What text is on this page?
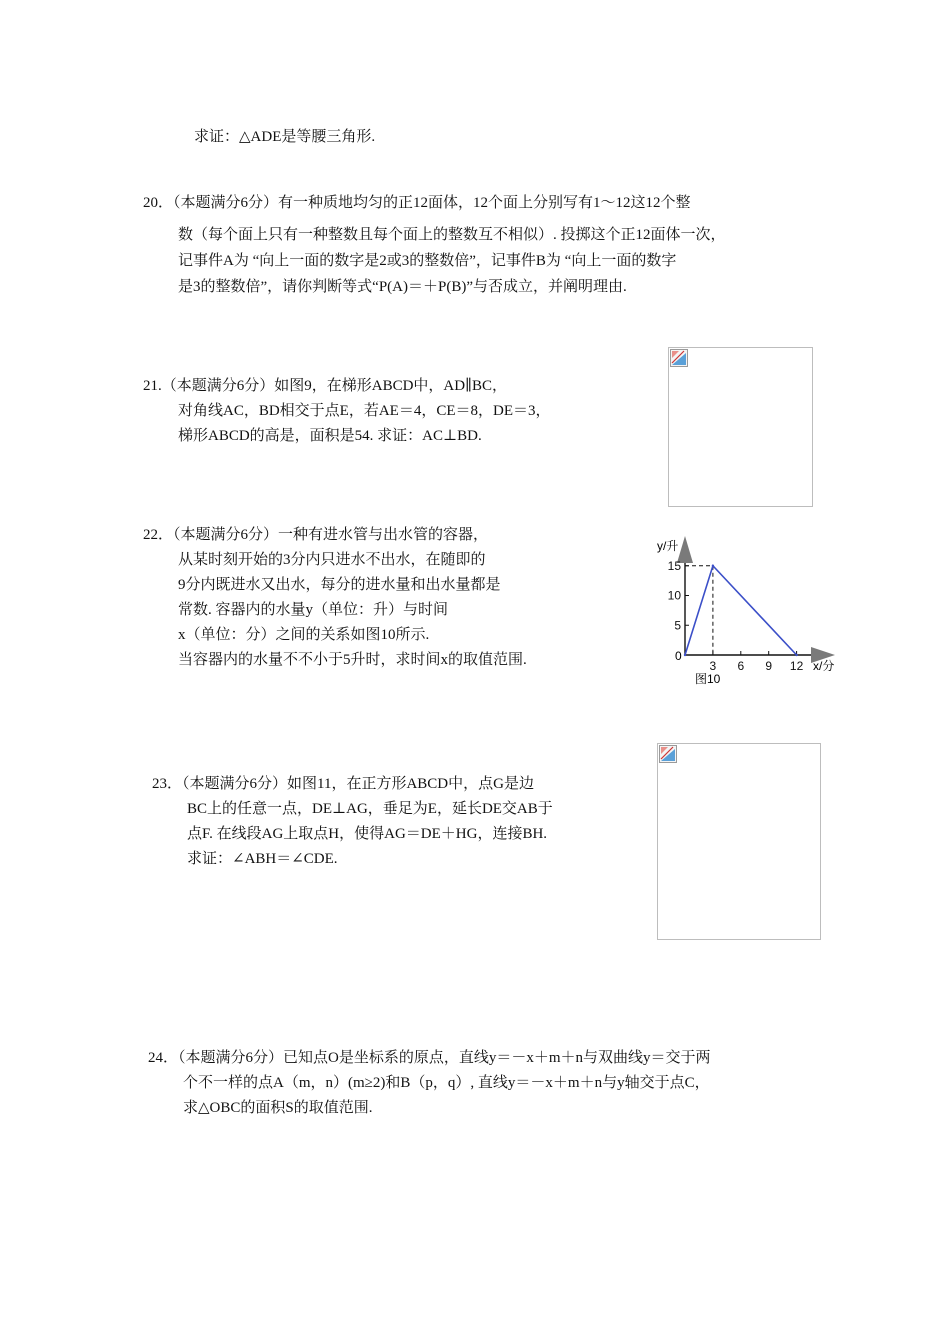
求证：△ADE是等腰三角形.
20．（本题满分6分）有一种质地均匀的正12面体，12个面上分别写有1〜12这12个整
数（每个面上只有一种整数且每个面上的整数互不相似）. 投掷这个正12面体一次，
记事件A为 “向上一面的数字是2或3的整数倍”，记事件B为 “向上一面的数字
是3的整数倍”，请你判断等式“P(A)＝＋P(B)”与否成立，并阐明理由.
21.（本题满分6分）如图9，在梯形ABCD中，AD∥BC，
对角线AC，BD相交于点E，若AE＝4，CE＝8，DE＝3，
梯形ABCD的高是，面积是54. 求证：AC⊥BD.
22．（本题满分6分）一种有进水管与出水管的容器，
从某时刻开始的3分内只进水不出水，在随即的
9分内既进水又出水，每分的进水量和出水量都是
常数. 容器内的水量y（单位：升）与时间
x（单位：分）之间的关系如图10所示.
当容器内的水量不不小于5升时，求时间x的取值范围.
y/升
x/分
0
图10
3 6 9 12
5
10
15
23．（本题满分6分）如图11，在正方形ABCD中，点G是边
BC上的任意一点，DE⊥AG，垂足为E，延长DE交AB于
点F. 在线段AG上取点H，使得AG＝DE＋HG，连接BH.
求证：∠ABH＝∠CDE.
24．（本题满分6分）已知点O是坐标系的原点，直线y＝－x＋m＋n与双曲线y＝交于两
个不一样的点A（m，n）(m≥2)和B（p，q）, 直线y＝－x＋m＋n与y轴交于点C，
求△OBC的面积S的取值范围.
